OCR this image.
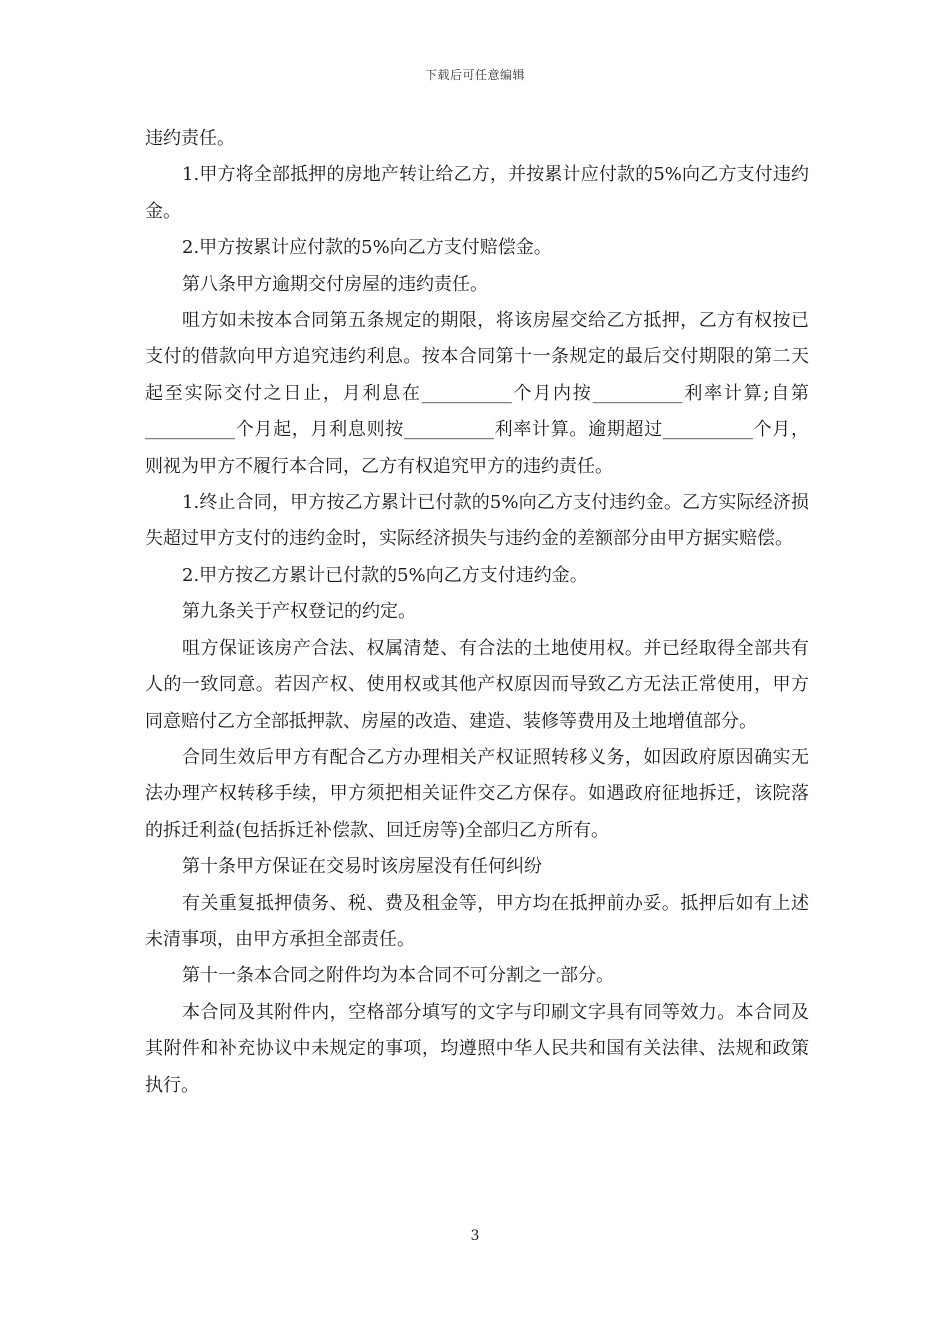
下载后可任意编辑

违约责任。

1.甲方将全部抵押的房地产转让给乙方，并按累计应付款的5%向乙方支付违约金。

2.甲方按累计应付款的5%向乙方支付赔偿金。

第八条甲方逾期交付房屋的违约责任。

咀方如未按本合同第五条规定的期限，将该房屋交给乙方抵押，乙方有权按已支付的借款向甲方追究违约利息。按本合同第十一条规定的最后交付期限的第二天起至实际交付之日止，月利息在__________个月内按__________利率计算;自第__________个月起，月利息则按__________利率计算。逾期超过__________个月，则视为甲方不履行本合同，乙方有权追究甲方的违约责任。

1.终止合同，甲方按乙方累计已付款的5%向乙方支付违约金。乙方实际经济损失超过甲方支付的违约金时，实际经济损失与违约金的差额部分由甲方据实赔偿。

2.甲方按乙方累计已付款的5%向乙方支付违约金。

第九条关于产权登记的约定。

咀方保证该房产合法、权属清楚、有合法的土地使用权。并已经取得全部共有人的一致同意。若因产权、使用权或其他产权原因而导致乙方无法正常使用，甲方同意赔付乙方全部抵押款、房屋的改造、建造、装修等费用及土地增值部分。

合同生效后甲方有配合乙方办理相关产权证照转移义务，如因政府原因确实无法办理产权转移手续，甲方须把相关证件交乙方保存。如遇政府征地拆迁，该院落的拆迁利益(包括拆迁补偿款、回迁房等)全部归乙方所有。

第十条甲方保证在交易时该房屋没有任何纠纷

有关重复抵押债务、税、费及租金等，甲方均在抵押前办妥。抵押后如有上述未清事项，由甲方承担全部责任。

第十一条本合同之附件均为本合同不可分割之一部分。

本合同及其附件内，空格部分填写的文字与印刷文字具有同等效力。本合同及其附件和补充协议中未规定的事项，均遵照中华人民共和国有关法律、法规和政策执行。

3
